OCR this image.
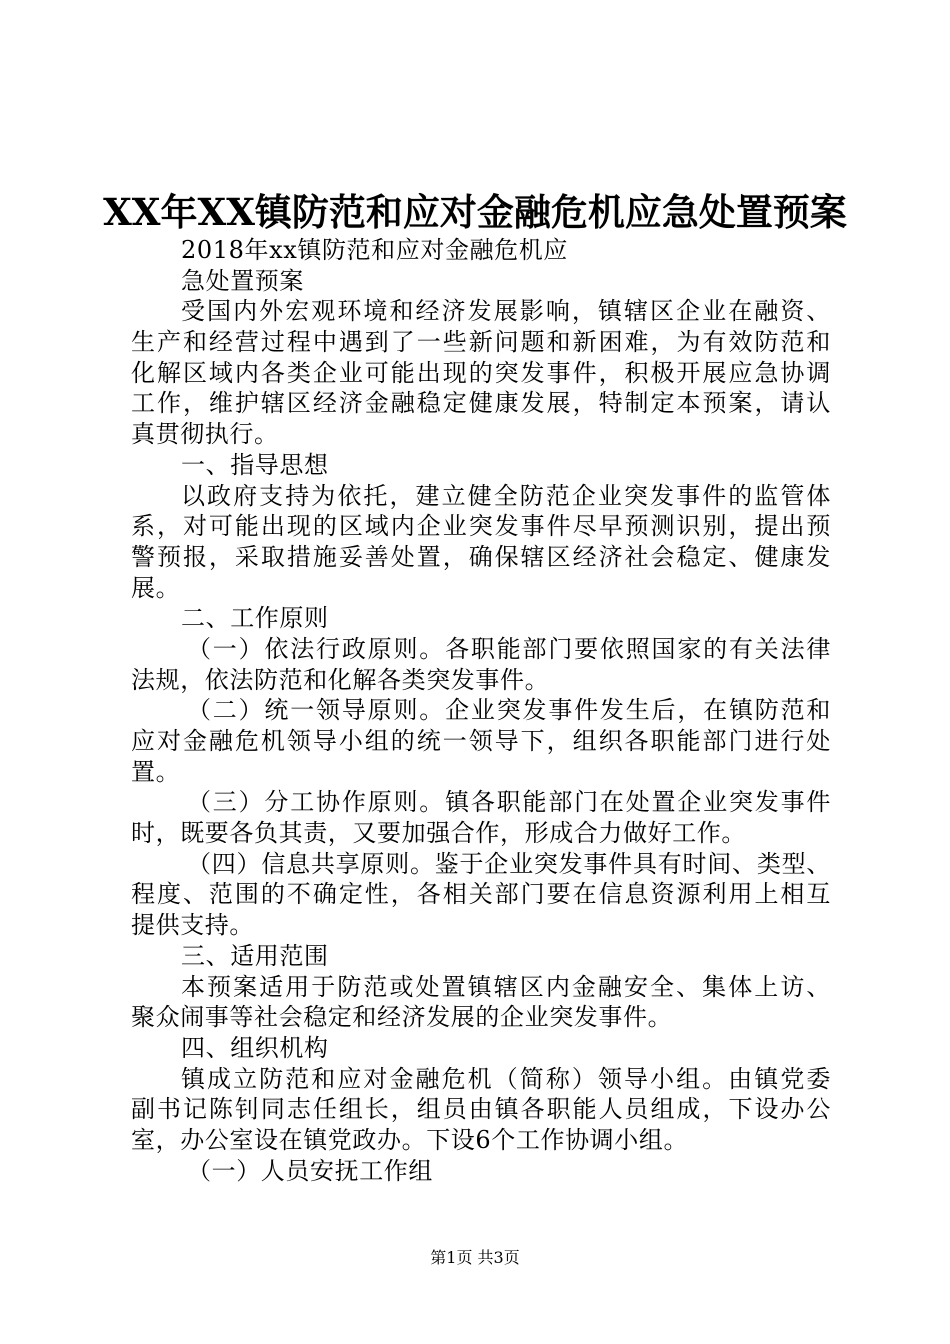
XX年XX镇防范和应对金融危机应急处置预案
2018年xx镇防范和应对金融危机应
急处置预案
受国内外宏观环境和经济发展影响，镇辖区企业在融资、
生产和经营过程中遇到了一些新问题和新困难，为有效防范和
化解区域内各类企业可能出现的突发事件，积极开展应急协调
工作，维护辖区经济金融稳定健康发展，特制定本预案，请认
真贯彻执行。
一、指导思想
以政府支持为依托，建立健全防范企业突发事件的监管体
系，对可能出现的区域内企业突发事件尽早预测识别，提出预
警预报，采取措施妥善处置，确保辖区经济社会稳定、健康发
展。
二、工作原则
（一）依法行政原则。各职能部门要依照国家的有关法律
法规，依法防范和化解各类突发事件。
（二）统一领导原则。企业突发事件发生后，在镇防范和
应对金融危机领导小组的统一领导下，组织各职能部门进行处
置。
（三）分工协作原则。镇各职能部门在处置企业突发事件
时，既要各负其责，又要加强合作，形成合力做好工作。
（四）信息共享原则。鉴于企业突发事件具有时间、类型、
程度、范围的不确定性，各相关部门要在信息资源利用上相互
提供支持。
三、适用范围
本预案适用于防范或处置镇辖区内金融安全、集体上访、
聚众闹事等社会稳定和经济发展的企业突发事件。
四、组织机构
镇成立防范和应对金融危机（简称）领导小组。由镇党委
副书记陈钊同志任组长，组员由镇各职能人员组成，下设办公
室，办公室设在镇党政办。下设6个工作协调小组。
（一）人员安抚工作组
第1页 共3页
